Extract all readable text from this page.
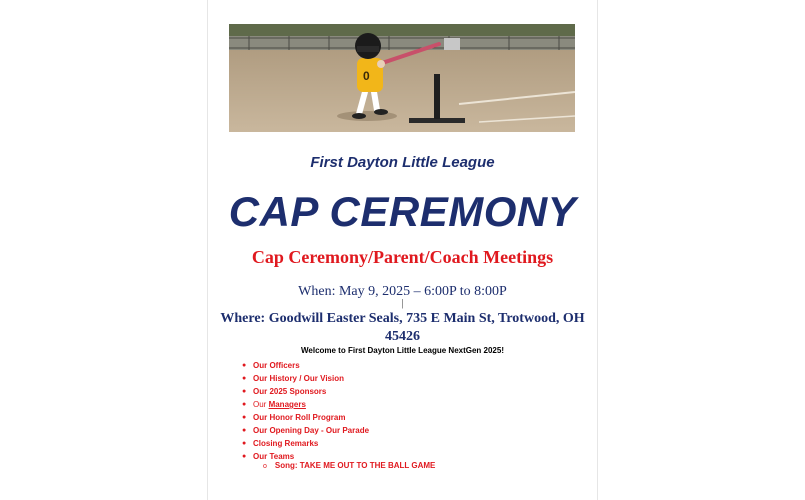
0
First Dayton Little League
CAP CEREMONY
Cap Ceremony/Parent/Coach Meetings
When: May 9, 2025 – 6:00P to 8:00P
|
Where: Goodwill Easter Seals, 735 E Main St, Trotwood, OH 45426
Welcome to First Dayton Little League NextGen 2025!
● Our Officers
● Our History / Our Vision
● Our 2025 Sponsors
● Our Managers
● Our Honor Roll Program
● Our Opening Day - Our Parade
● Closing Remarks
● Our Teams
o Song: TAKE ME OUT TO THE BALL GAME
